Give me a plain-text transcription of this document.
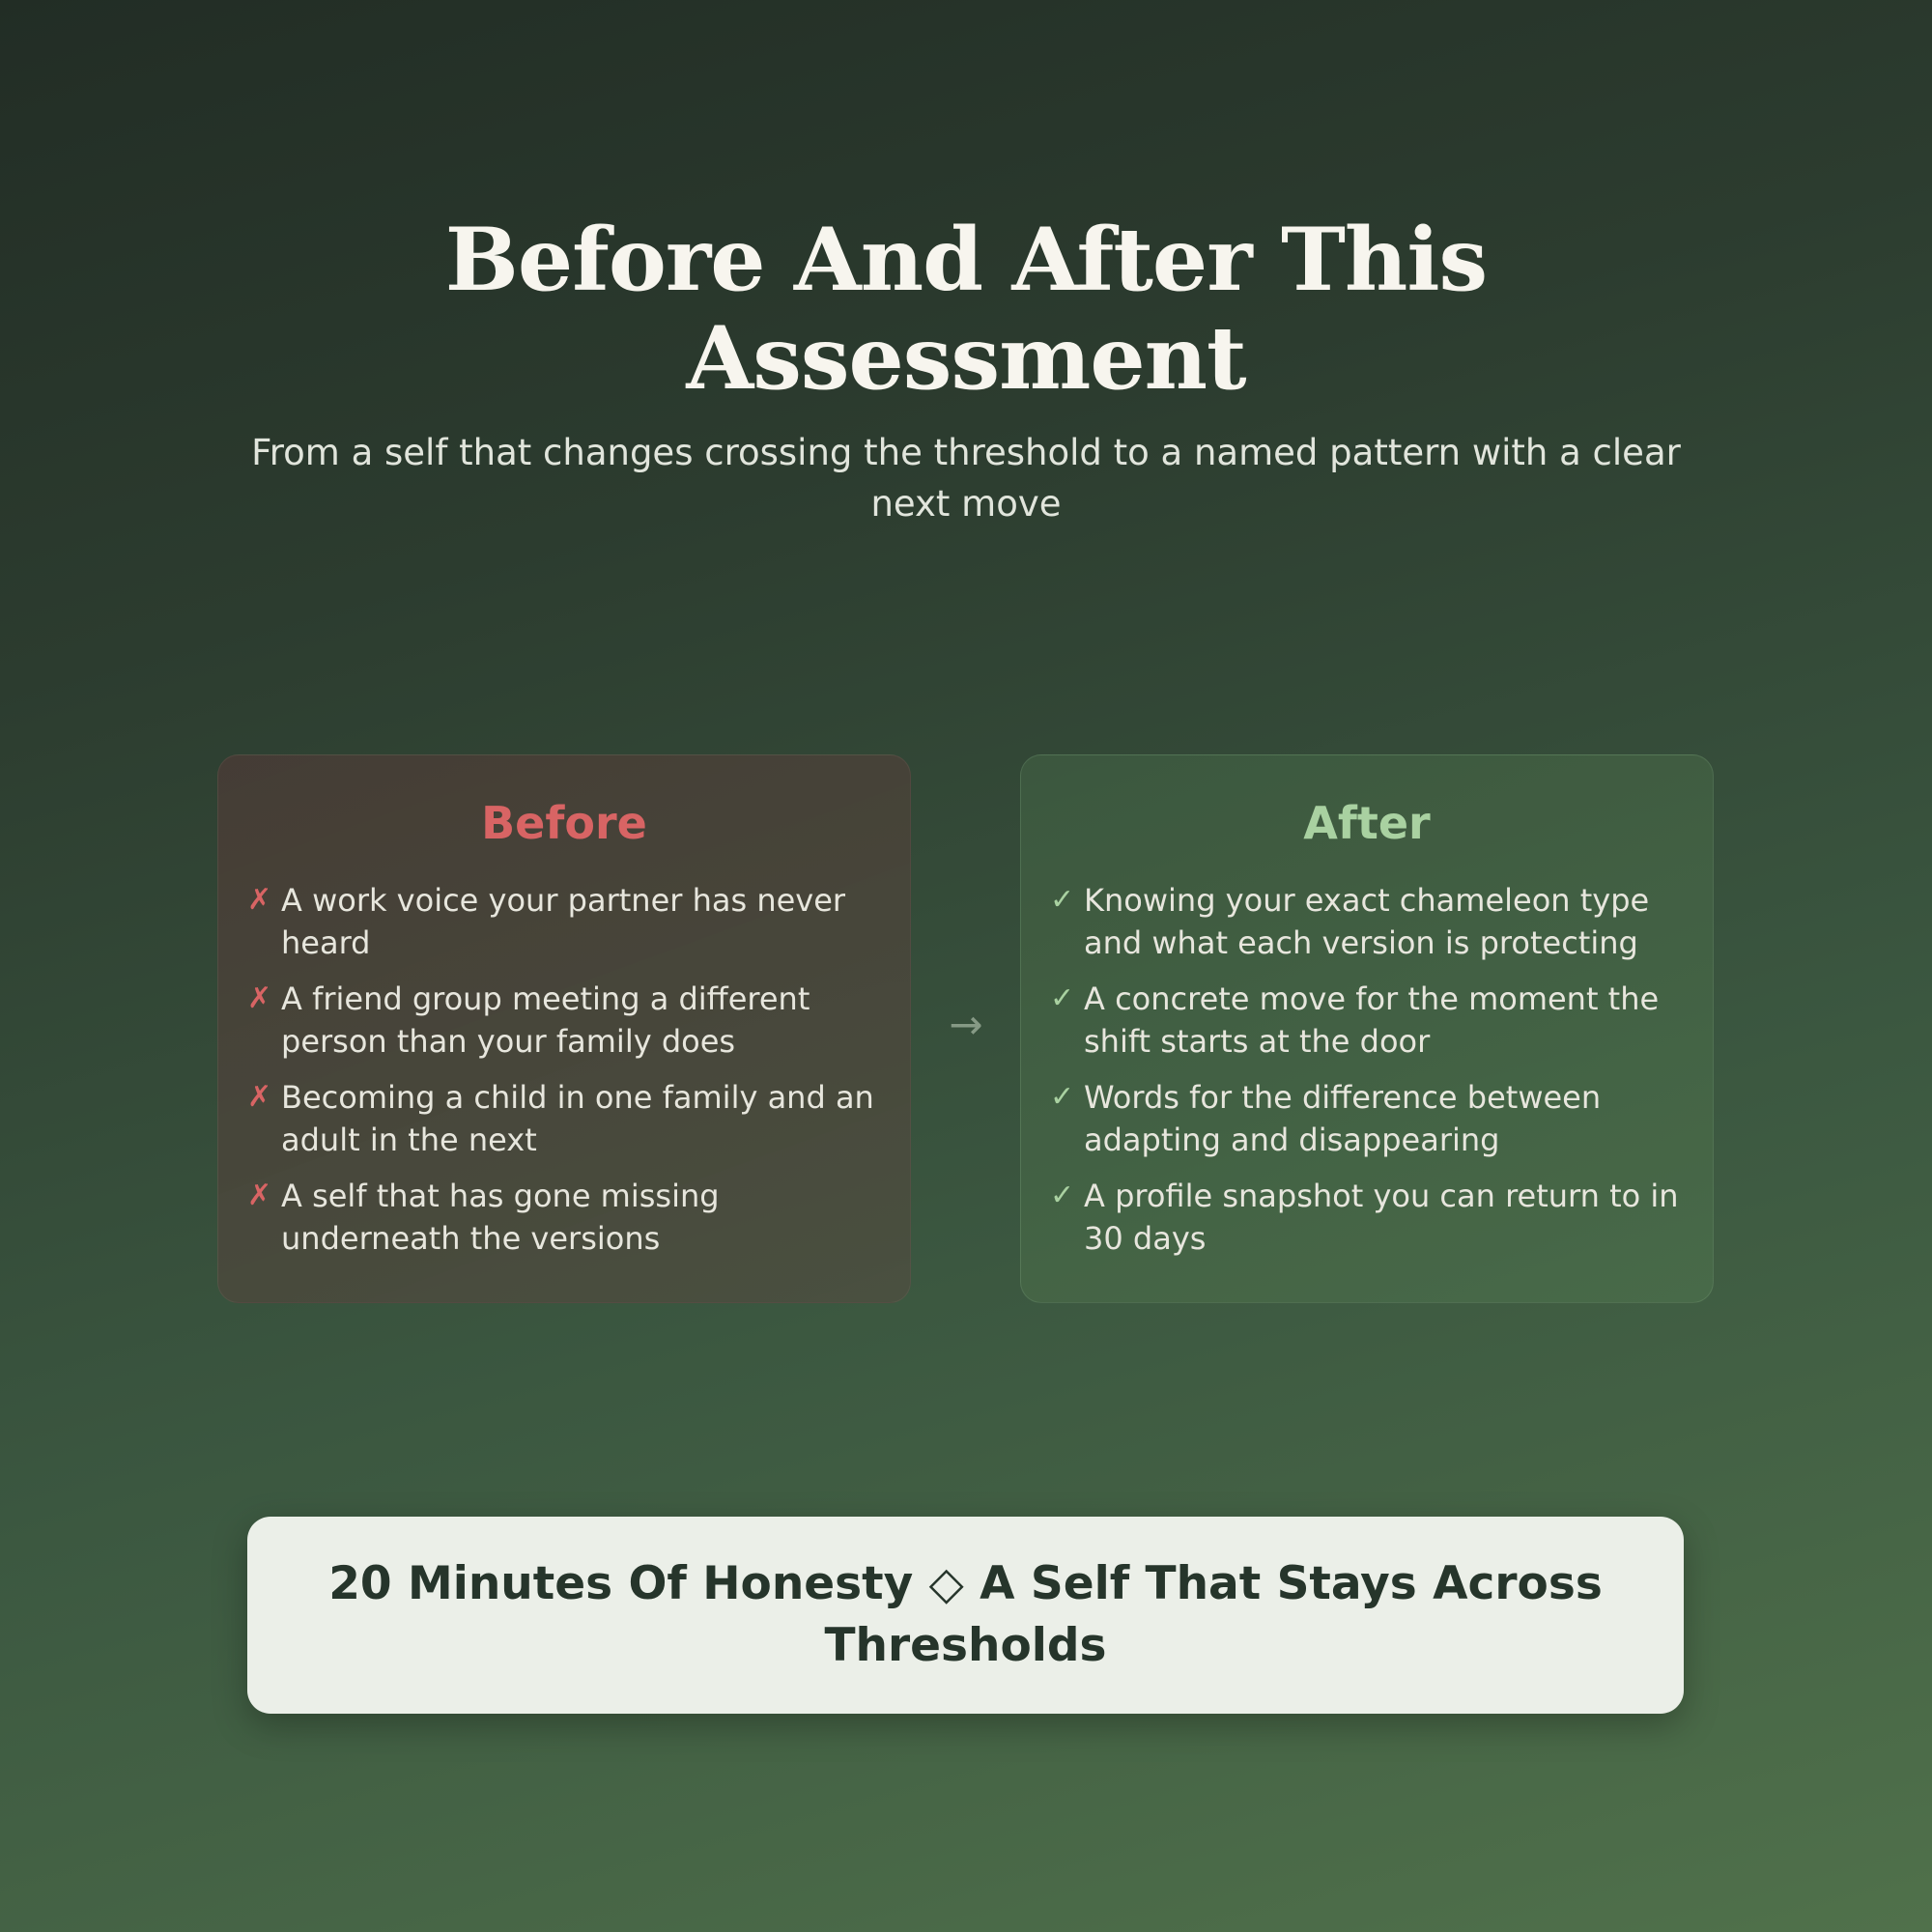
Before And After This Assessment

From a self that changes crossing the threshold to a named pattern with a clear next move

Before
✗ A work voice your partner has never heard
✗ A friend group meeting a different person than your family does
✗ Becoming a child in one family and an adult in the next
✗ A self that has gone missing underneath the versions
→
After
✓ Knowing your exact chameleon type and what each version is protecting
✓ A concrete move for the moment the shift starts at the door
✓ Words for the difference between adapting and disappearing
✓ A profile snapshot you can return to in 30 days

20 Minutes Of Honesty ◇ A Self That Stays Across Thresholds
